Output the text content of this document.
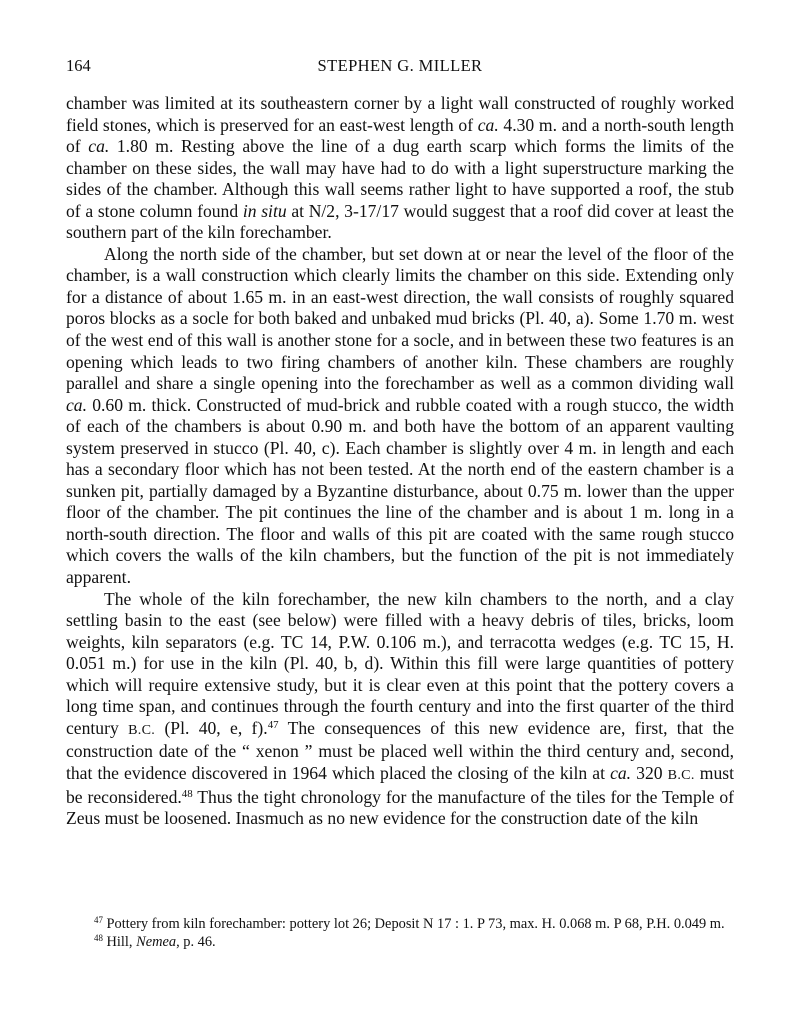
164	STEPHEN G. MILLER

chamber was limited at its southeastern corner by a light wall constructed of roughly worked field stones, which is preserved for an east-west length of ca. 4.30 m. and a north-south length of ca. 1.80 m. Resting above the line of a dug earth scarp which forms the limits of the chamber on these sides, the wall may have had to do with a light superstructure marking the sides of the chamber. Although this wall seems rather light to have supported a roof, the stub of a stone column found in situ at N/2, 3-17/17 would suggest that a roof did cover at least the southern part of the kiln forechamber.

Along the north side of the chamber, but set down at or near the level of the floor of the chamber, is a wall construction which clearly limits the chamber on this side. Extending only for a distance of about 1.65 m. in an east-west direction, the wall consists of roughly squared poros blocks as a socle for both baked and unbaked mud bricks (Pl. 40, a). Some 1.70 m. west of the west end of this wall is another stone for a socle, and in between these two features is an opening which leads to two firing chambers of another kiln. These chambers are roughly parallel and share a single opening into the forechamber as well as a common dividing wall ca. 0.60 m. thick. Constructed of mud-brick and rubble coated with a rough stucco, the width of each of the chambers is about 0.90 m. and both have the bottom of an apparent vaulting system preserved in stucco (Pl. 40, c). Each chamber is slightly over 4 m. in length and each has a secondary floor which has not been tested. At the north end of the eastern chamber is a sunken pit, partially damaged by a Byzantine disturbance, about 0.75 m. lower than the upper floor of the chamber. The pit continues the line of the chamber and is about 1 m. long in a north-south direction. The floor and walls of this pit are coated with the same rough stucco which covers the walls of the kiln chambers, but the function of the pit is not immediately apparent.

The whole of the kiln forechamber, the new kiln chambers to the north, and a clay settling basin to the east (see below) were filled with a heavy debris of tiles, bricks, loom weights, kiln separators (e.g. TC 14, P.W. 0.106 m.), and terracotta wedges (e.g. TC 15, H. 0.051 m.) for use in the kiln (Pl. 40, b, d). Within this fill were large quantities of pottery which will require extensive study, but it is clear even at this point that the pottery covers a long time span, and continues through the fourth century and into the first quarter of the third century B.C. (Pl. 40, e, f).$^{47}$ The consequences of this new evidence are, first, that the construction date of the “ xenon ” must be placed well within the third century and, second, that the evidence discovered in 1964 which placed the closing of the kiln at ca. 320 B.C. must be reconsidered.$^{48}$ Thus the tight chronology for the manufacture of the tiles for the Temple of Zeus must be loosened. Inasmuch as no new evidence for the construction date of the kiln

$^{47}$ Pottery from kiln forechamber: pottery lot 26; Deposit N 17 : 1. P 73, max. H. 0.068 m. P 68, P.H. 0.049 m.

$^{48}$ Hill, Nemea, p. 46.
